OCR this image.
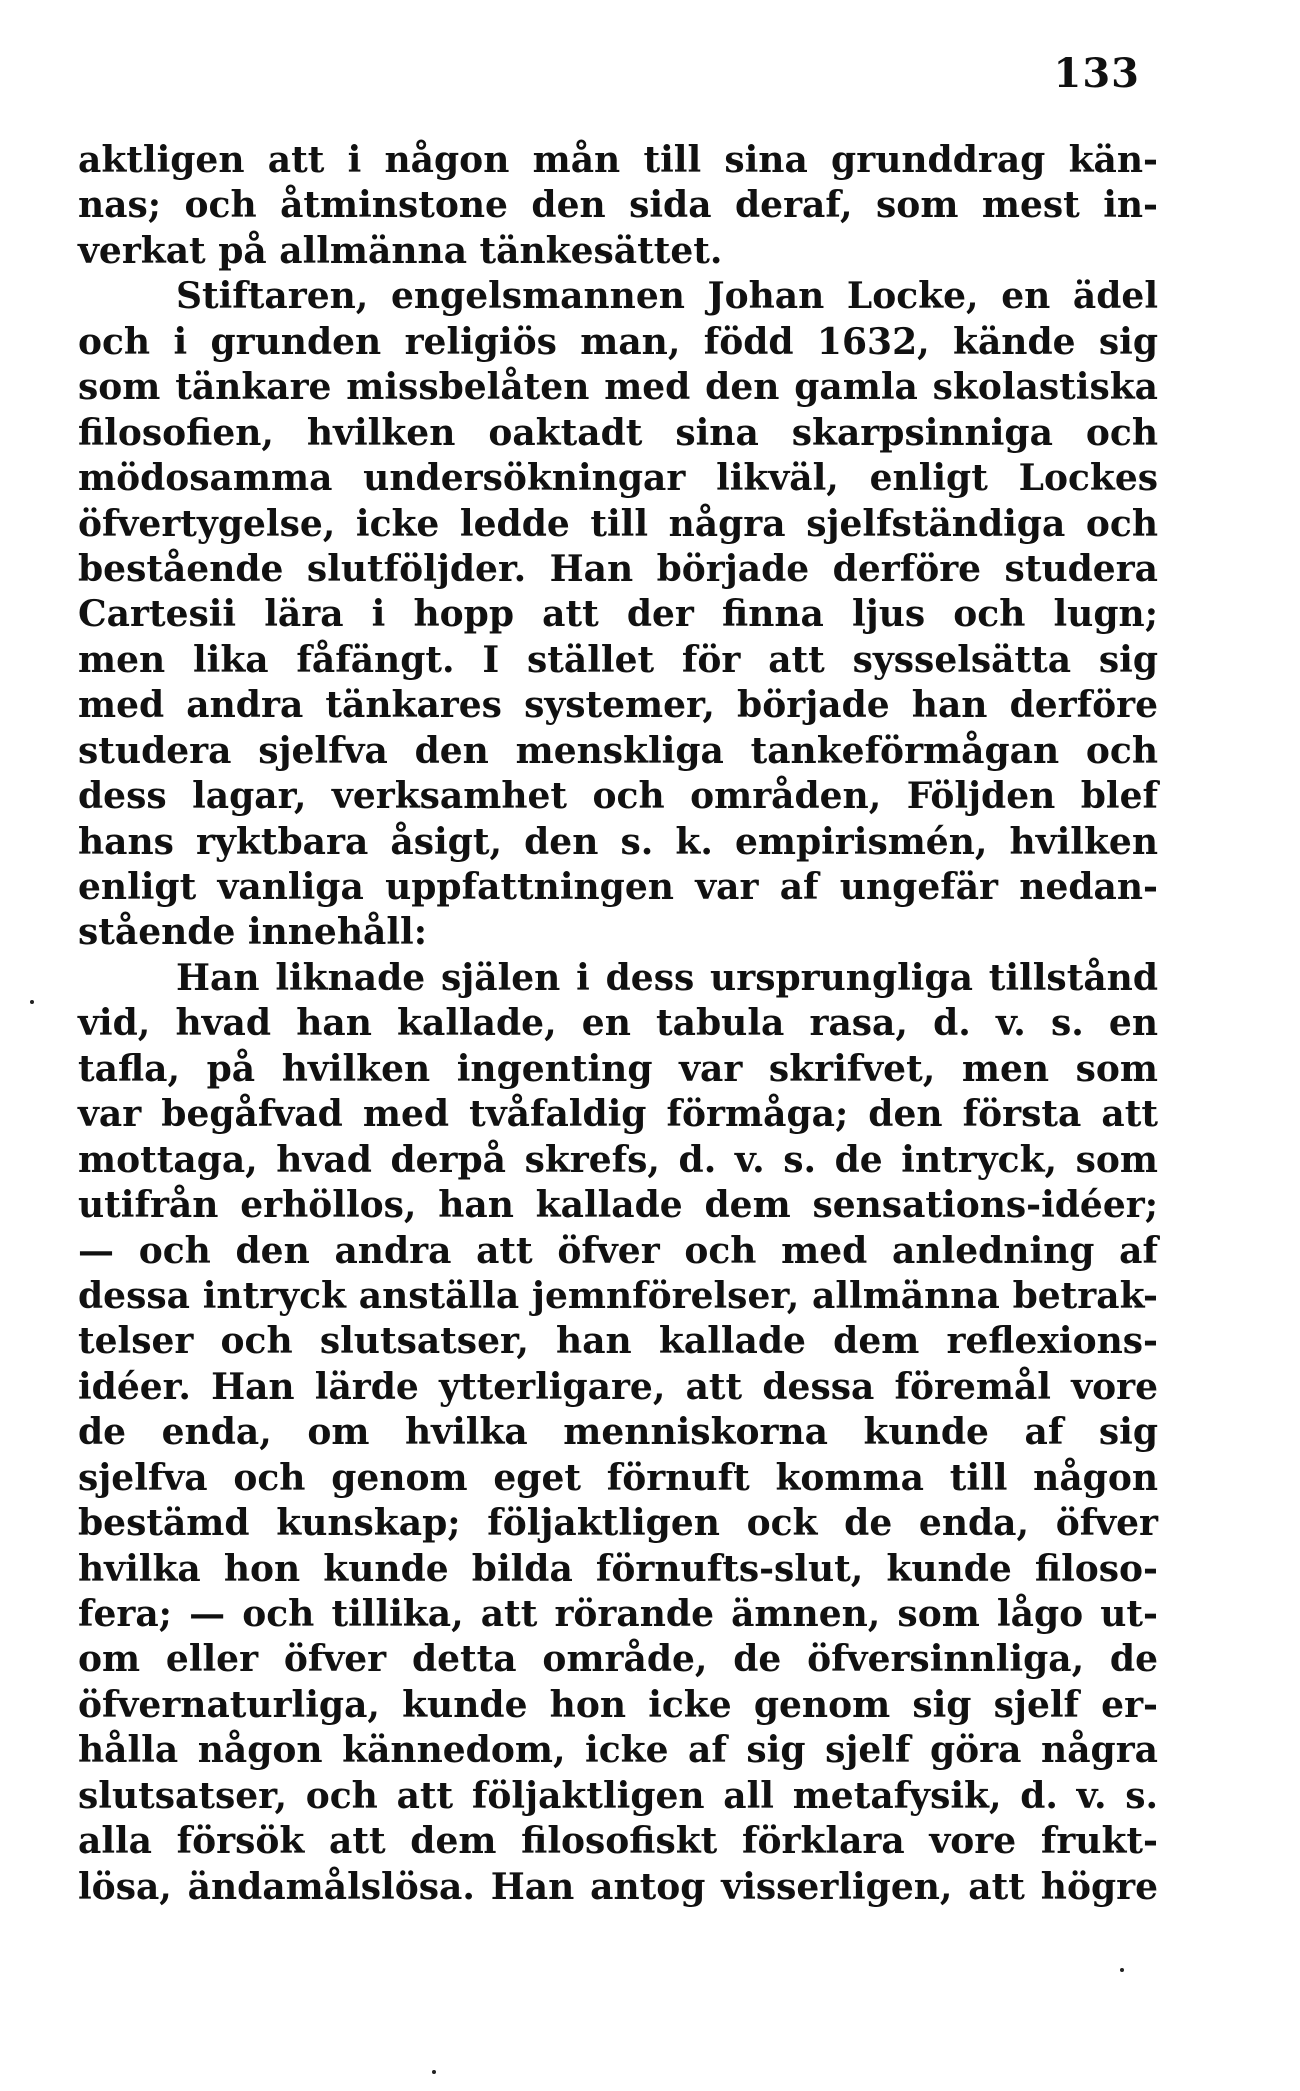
133
aktligen att i någon mån till sina grunddrag kän-
nas; och åtminstone den sida deraf, som mest in-
verkat på allmänna tänkesättet.
Stiftaren, engelsmannen Johan Locke, en ädel
och i grunden religiös man, född 1632, kände sig
som tänkare missbelåten med den gamla skolastiska
filosofien, hvilken oaktadt sina skarpsinniga och
mödosamma undersökningar likväl, enligt Lockes
öfvertygelse, icke ledde till några sjelfständiga och
bestående slutföljder. Han började derföre studera
Cartesii lära i hopp att der finna ljus och lugn;
men lika fåfängt. I stället för att sysselsätta sig
med andra tänkares systemer, började han derföre
studera sjelfva den menskliga tankeförmågan och
dess lagar, verksamhet och områden, Följden blef
hans ryktbara åsigt, den s. k. empirismén, hvilken
enligt vanliga uppfattningen var af ungefär nedan-
stående innehåll:
Han liknade själen i dess ursprungliga tillstånd
vid, hvad han kallade, en tabula rasa, d. v. s. en
tafla, på hvilken ingenting var skrifvet, men som
var begåfvad med tvåfaldig förmåga; den första att
mottaga, hvad derpå skrefs, d. v. s. de intryck, som
utifrån erhöllos, han kallade dem sensations-idéer;
— och den andra att öfver och med anledning af
dessa intryck anställa jemnförelser, allmänna betrak-
telser och slutsatser, han kallade dem reflexions-
idéer. Han lärde ytterligare, att dessa föremål vore
de enda, om hvilka menniskorna kunde af sig
sjelfva och genom eget förnuft komma till någon
bestämd kunskap; följaktligen ock de enda, öfver
hvilka hon kunde bilda förnufts-slut, kunde filoso-
fera; — och tillika, att rörande ämnen, som lågo ut-
om eller öfver detta område, de öfversinnliga, de
öfvernaturliga, kunde hon icke genom sig sjelf er-
hålla någon kännedom, icke af sig sjelf göra några
slutsatser, och att följaktligen all metafysik, d. v. s.
alla försök att dem filosofiskt förklara vore frukt-
lösa, ändamålslösa. Han antog visserligen, att högre
